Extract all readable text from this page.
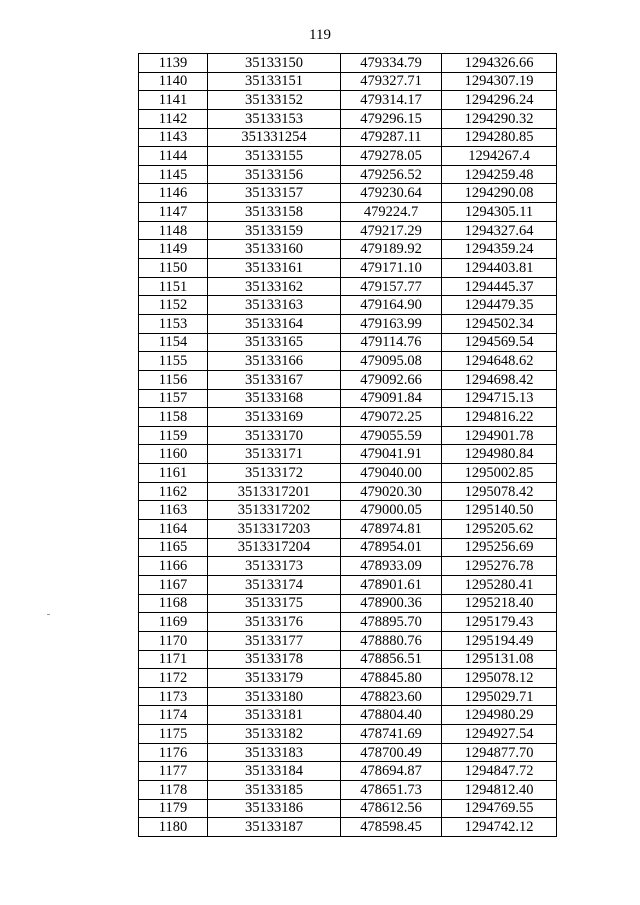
119
1139	35133150	479334.79	1294326.66
1140	35133151	479327.71	1294307.19
1141	35133152	479314.17	1294296.24
1142	35133153	479296.15	1294290.32
1143	351331254	479287.11	1294280.85
1144	35133155	479278.05	1294267.4
1145	35133156	479256.52	1294259.48
1146	35133157	479230.64	1294290.08
1147	35133158	479224.7	1294305.11
1148	35133159	479217.29	1294327.64
1149	35133160	479189.92	1294359.24
1150	35133161	479171.10	1294403.81
1151	35133162	479157.77	1294445.37
1152	35133163	479164.90	1294479.35
1153	35133164	479163.99	1294502.34
1154	35133165	479114.76	1294569.54
1155	35133166	479095.08	1294648.62
1156	35133167	479092.66	1294698.42
1157	35133168	479091.84	1294715.13
1158	35133169	479072.25	1294816.22
1159	35133170	479055.59	1294901.78
1160	35133171	479041.91	1294980.84
1161	35133172	479040.00	1295002.85
1162	3513317201	479020.30	1295078.42
1163	3513317202	479000.05	1295140.50
1164	3513317203	478974.81	1295205.62
1165	3513317204	478954.01	1295256.69
1166	35133173	478933.09	1295276.78
1167	35133174	478901.61	1295280.41
1168	35133175	478900.36	1295218.40
1169	35133176	478895.70	1295179.43
1170	35133177	478880.76	1295194.49
1171	35133178	478856.51	1295131.08
1172	35133179	478845.80	1295078.12
1173	35133180	478823.60	1295029.71
1174	35133181	478804.40	1294980.29
1175	35133182	478741.69	1294927.54
1176	35133183	478700.49	1294877.70
1177	35133184	478694.87	1294847.72
1178	35133185	478651.73	1294812.40
1179	35133186	478612.56	1294769.55
1180	35133187	478598.45	1294742.12
